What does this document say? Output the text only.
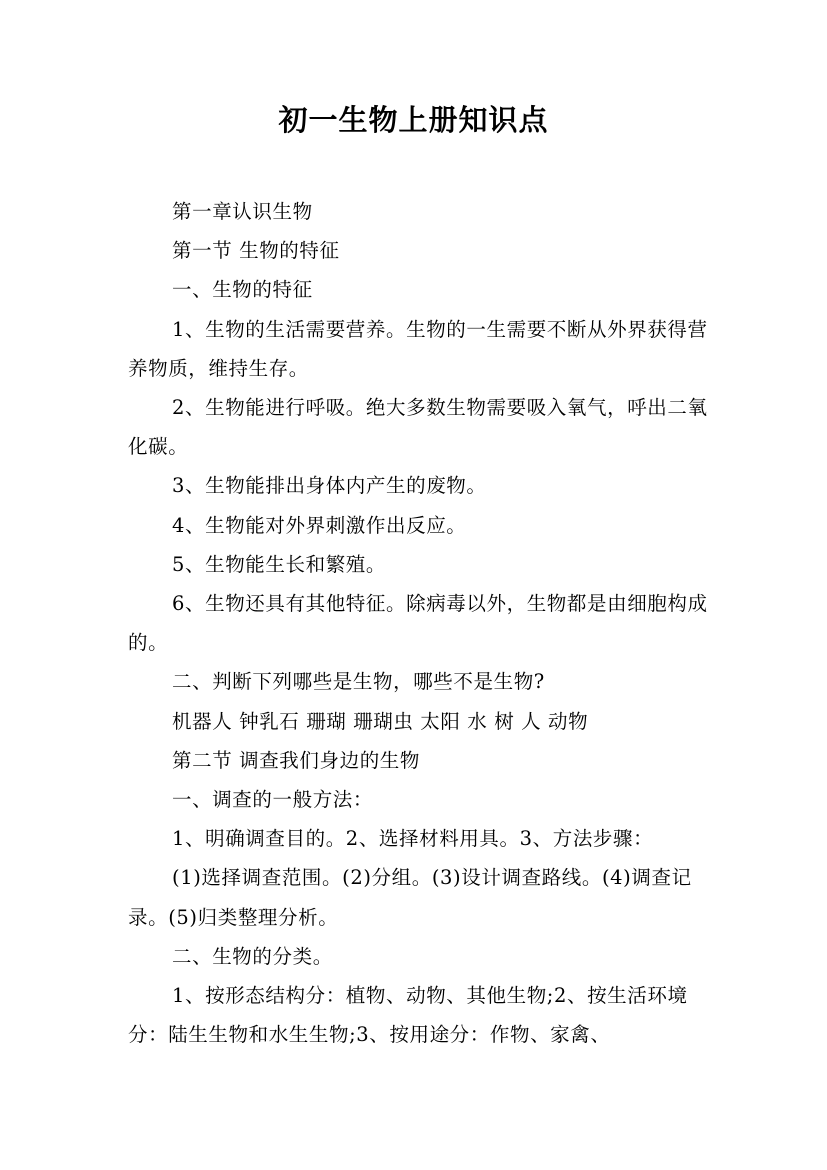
初一生物上册知识点

第一章认识生物

第一节 生物的特征

一、生物的特征

1、生物的生活需要营养。生物的一生需要不断从外界获得营养物质，维持生存。

2、生物能进行呼吸。绝大多数生物需要吸入氧气，呼出二氧化碳。

3、生物能排出身体内产生的废物。

4、生物能对外界刺激作出反应。

5、生物能生长和繁殖。

6、生物还具有其他特征。除病毒以外，生物都是由细胞构成的。

二、判断下列哪些是生物，哪些不是生物?

机器人 钟乳石 珊瑚 珊瑚虫 太阳 水 树 人 动物

第二节 调查我们身边的生物

一、调查的一般方法：

1、明确调查目的。2、选择材料用具。3、方法步骤：

(1)选择调查范围。(2)分组。(3)设计调查路线。(4)调查记录。(5)归类整理分析。

二、生物的分类。

1、按形态结构分：植物、动物、其他生物;2、按生活环境分：陆生生物和水生生物;3、按用途分：作物、家禽、
